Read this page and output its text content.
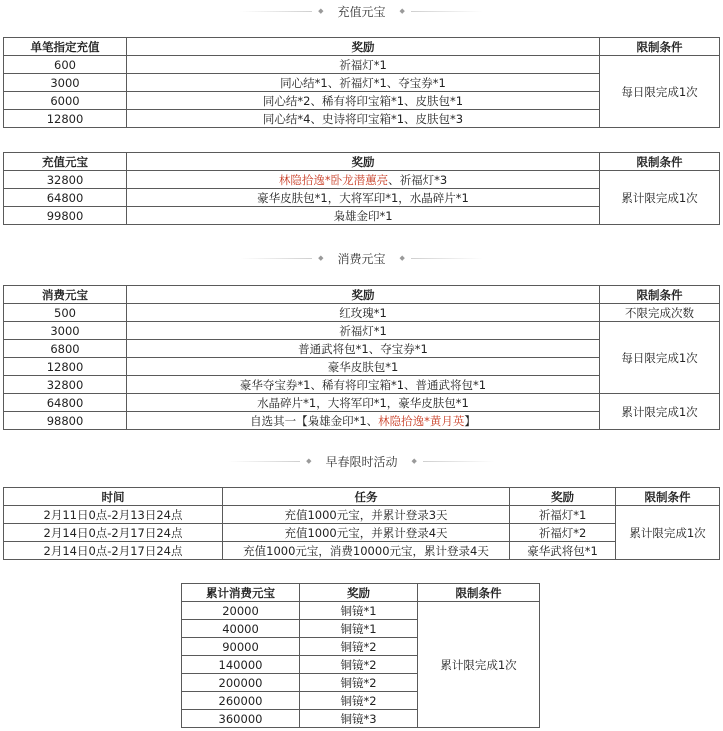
◆ 充值元宝 ◆
单笔指定充值	奖励	限制条件
600	祈福灯*1	每日限完成1次
3000	同心结*1、祈福灯*1、夺宝券*1	
6000	同心结*2、稀有将印宝箱*1、皮肤包*1	
12800	同心结*4、史诗将印宝箱*1、皮肤包*3	
充值元宝	奖励	限制条件
32800	林隐拾逸*卧龙潜蕙亮、祈福灯*3	累计限完成1次
64800	豪华皮肤包*1，大将军印*1，水晶碎片*1	
99800	枭雄金印*1	
◆ 消费元宝 ◆
消费元宝	奖励	限制条件
500	红玫瑰*1	不限完成次数
3000	祈福灯*1	每日限完成1次
6800	普通武将包*1、夺宝券*1	
12800	豪华皮肤包*1	
32800	豪华夺宝券*1、稀有将印宝箱*1、普通武将包*1	
64800	水晶碎片*1，大将军印*1，豪华皮肤包*1	累计限完成1次
98800	自选其一【枭雄金印*1、林隐拾逸*黄月英】	
◆ 早春限时活动 ◆
时间	任务	奖励	限制条件
2月11日0点-2月13日24点	充值1000元宝，并累计登录3天	祈福灯*1	累计限完成1次
2月14日0点-2月17日24点	充值1000元宝，并累计登录4天	祈福灯*2	
2月14日0点-2月17日24点	充值1000元宝，消费10000元宝，累计登录4天	豪华武将包*1	
累计消费元宝	奖励	限制条件
20000	铜镜*1	累计限完成1次
40000	铜镜*1	
90000	铜镜*2	
140000	铜镜*2	
200000	铜镜*2	
260000	铜镜*2	
360000	铜镜*3	
